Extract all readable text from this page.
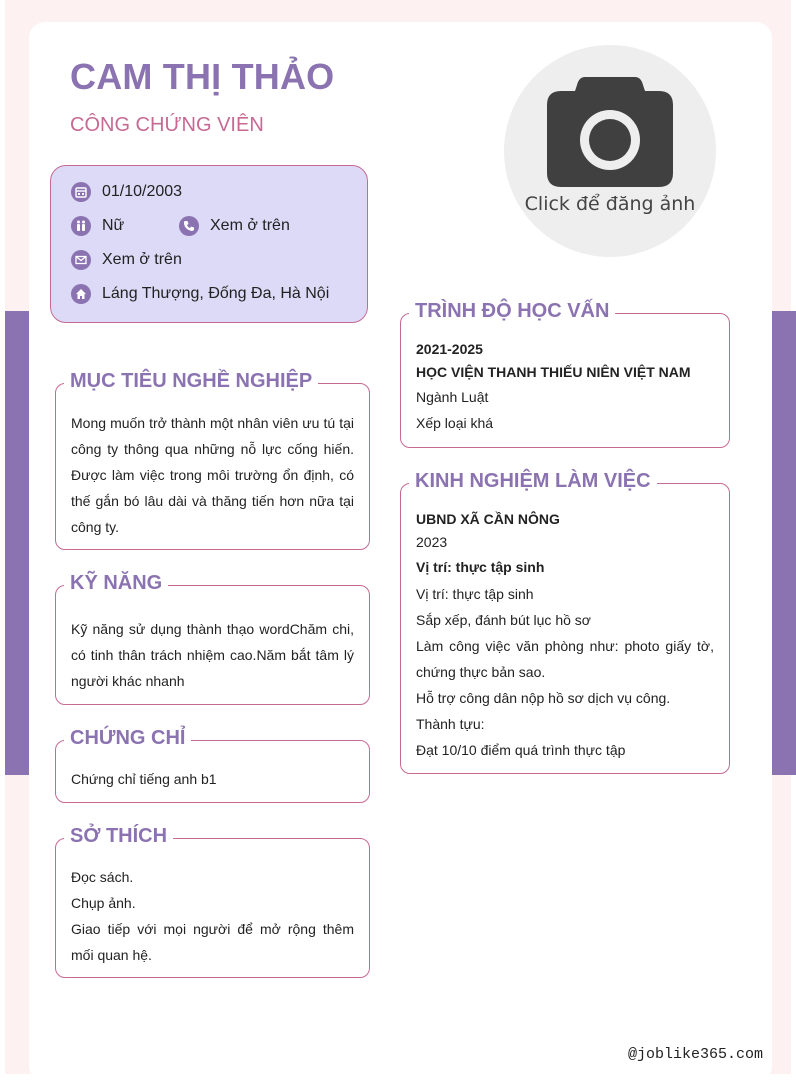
CAM THỊ THẢO
CÔNG CHỨNG VIÊN
Click để đăng ảnh
01/10/2003
Nữ	Xem ở trên
Xem ở trên
Láng Thượng, Đống Đa, Hà Nội
MỤC TIÊU NGHỀ NGHIỆP
Mong muốn trở thành một nhân viên ưu tú tại công ty thông qua những nỗ lực cống hiến. Được làm việc trong môi trường ổn định, có thế gắn bó lâu dài và thăng tiến hơn nữa tại công ty.
KỸ NĂNG
Kỹ năng sử dụng thành thạo wordChăm chi, có tinh thân trách nhiệm cao.Năm bắt tâm lý người khác nhanh
CHỨNG CHỈ
Chứng chỉ tiếng anh b1
SỞ THÍCH
Đọc sách.
Chụp ảnh.
Giao tiếp với mọi người để mở rộng thêm mối quan hệ.
TRÌNH ĐỘ HỌC VẤN
2021-2025
HỌC VIỆN THANH THIẾU NIÊN VIỆT NAM
Ngành Luật
Xếp loại khá
KINH NGHIỆM LÀM VIỆC
UBND XÃ CẦN NÔNG
2023
Vị trí: thực tập sinh
Vị trí: thực tập sinh
Sắp xếp, đánh bút lục hồ sơ
Làm công việc văn phòng như: photo giấy tờ, chứng thực bản sao.
Hỗ trợ công dân nộp hồ sơ dịch vụ công.
Thành tựu:
Đạt 10/10 điểm quá trình thực tập
@joblike365.com
